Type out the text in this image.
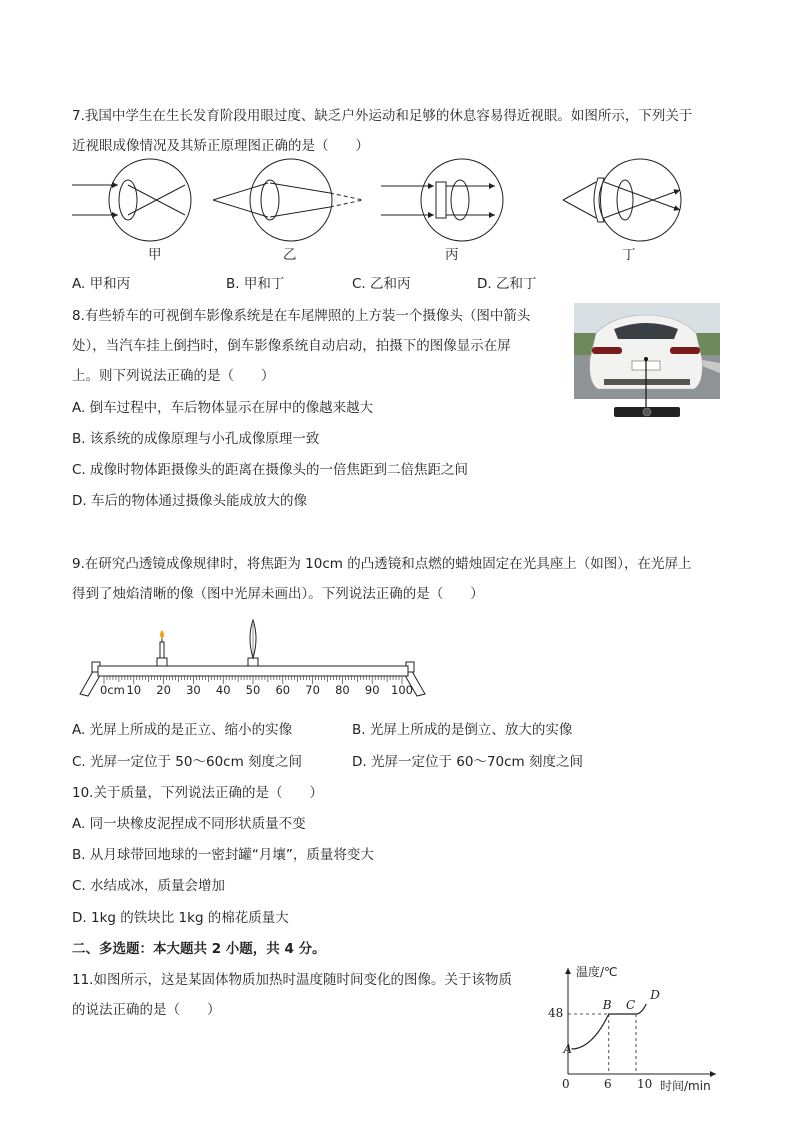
7.我国中学生在生长发育阶段用眼过度、缺乏户外运动和足够的休息容易得近视眼。如图所示，下列关于
近视眼成像情况及其矫正原理图正确的是（　　）
甲	乙	丙	丁
A. 甲和丙	B. 甲和丁	C. 乙和丙	D. 乙和丁
8.有些轿车的可视倒车影像系统是在车尾牌照的上方装一个摄像头（图中箭头
处），当汽车挂上倒挡时，倒车影像系统自动启动，拍摄下的图像显示在屏
上。则下列说法正确的是（　　）
A. 倒车过程中，车后物体显示在屏中的像越来越大
B. 该系统的成像原理与小孔成像原理一致
C. 成像时物体距摄像头的距离在摄像头的一倍焦距到二倍焦距之间
D. 车后的物体通过摄像头能成放大的像
9.在研究凸透镜成像规律时，将焦距为 10cm 的凸透镜和点燃的蜡烛固定在光具座上（如图），在光屏上
得到了烛焰清晰的像（图中光屏未画出）。下列说法正确的是（　　）
0cm 10 20 30 40 50 60 70 80 90 100
A. 光屏上所成的是正立、缩小的实像	B. 光屏上所成的是倒立、放大的实像
C. 光屏一定位于 50～60cm 刻度之间	D. 光屏一定位于 60～70cm 刻度之间
10.关于质量，下列说法正确的是（　　）
A. 同一块橡皮泥捏成不同形状质量不变
B. 从月球带回地球的一密封罐“月壤”，质量将变大
C. 水结成冰，质量会增加
D. 1kg 的铁块比 1kg 的棉花质量大
二、多选题：本大题共 2 小题，共 4 分。
11.如图所示，这是某固体物质加热时温度随时间变化的图像。关于该物质
的说法正确的是（　　）
A
B C
D
温度/℃
时间/min
48
0	6 10
